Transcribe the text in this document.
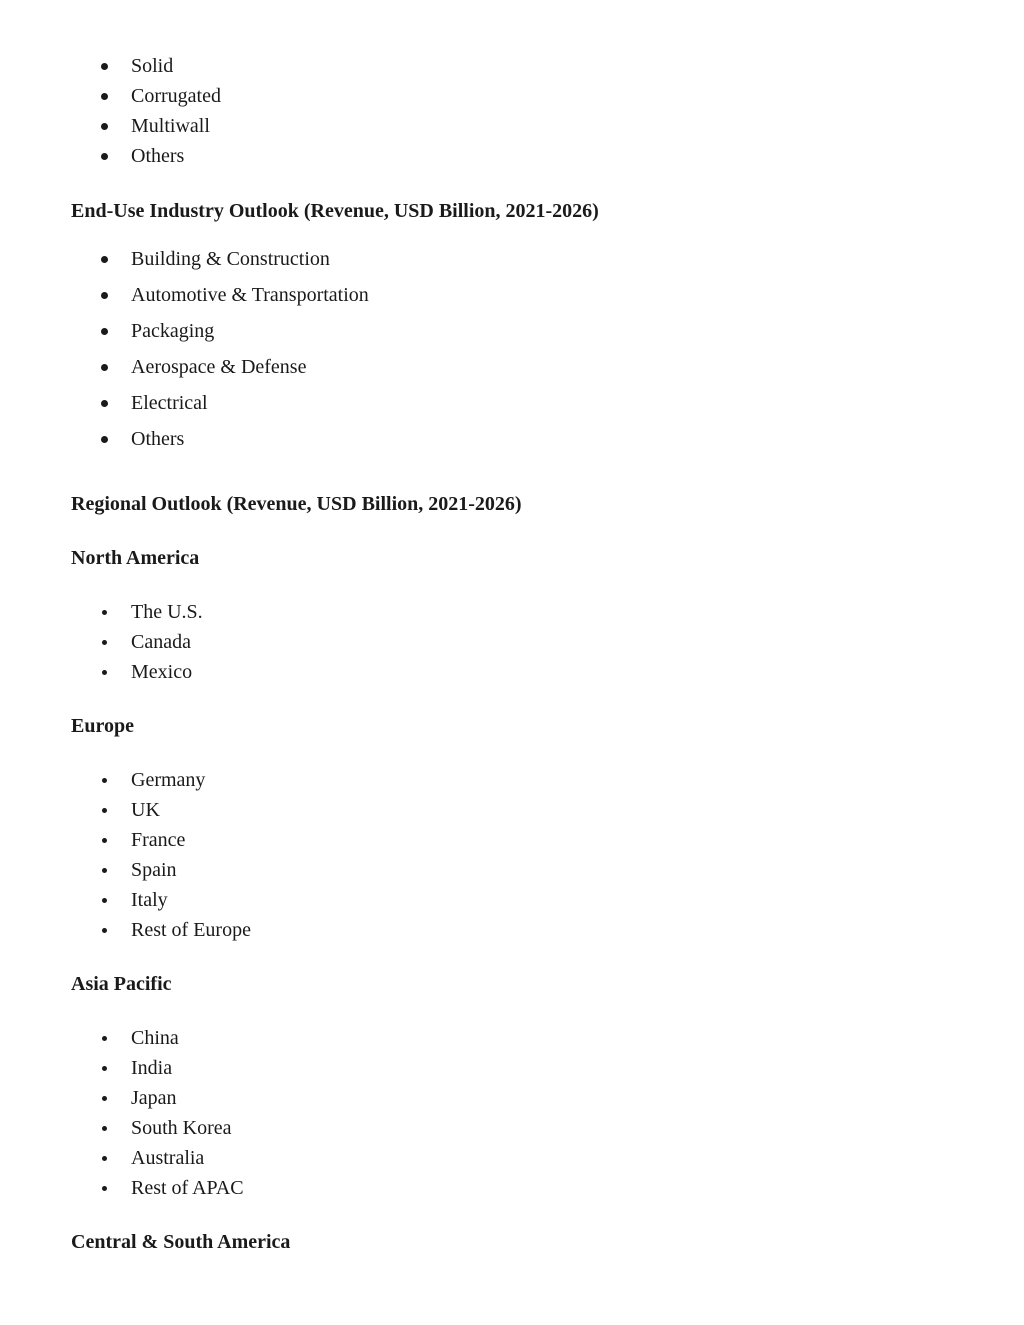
Solid
Corrugated
Multiwall
Others
End-Use Industry Outlook (Revenue, USD Billion, 2021-2026)
Building & Construction
Automotive & Transportation
Packaging
Aerospace & Defense
Electrical
Others
Regional Outlook (Revenue, USD Billion, 2021-2026)
North America
The U.S.
Canada
Mexico
Europe
Germany
UK
France
Spain
Italy
Rest of Europe
Asia Pacific
China
India
Japan
South Korea
Australia
Rest of APAC
Central & South America
